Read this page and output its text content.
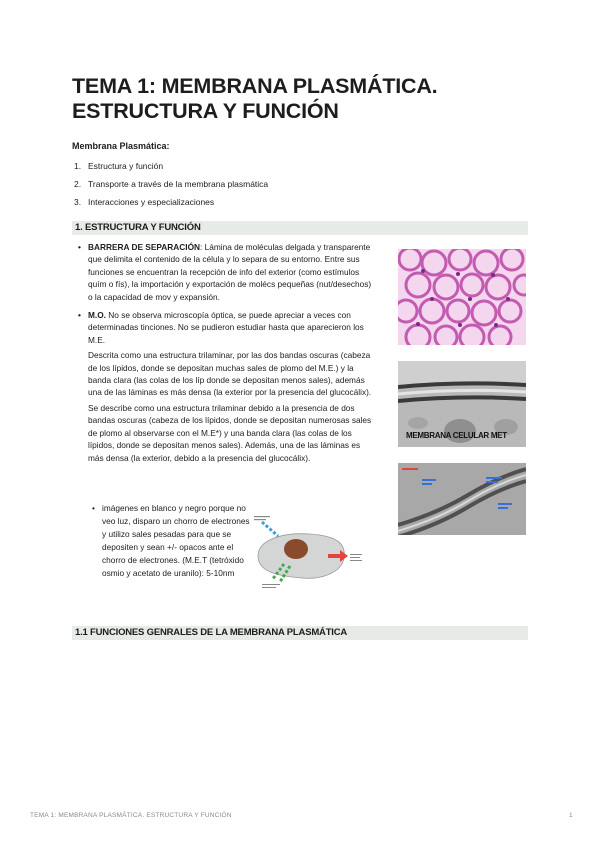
TEMA 1: MEMBRANA PLASMÁTICA.
ESTRUCTURA Y FUNCIÓN
Membrana Plasmática:
1. Estructura y función
2. Transporte a través de la membrana plasmática
3. Interacciones y especializaciones
1. ESTRUCTURA Y FUNCIÓN
• BARRERA DE SEPARACIÓN: Lámina de moléculas delgada y transparente que delimita el contenido de la célula y lo separa de su entorno. Entre sus funciones se encuentran la recepción de info del exterior (como estímulos quím o fís), la importación y exportación de molécs pequeñas (nut/desechos) o la capacidad de mov y expansión.
• M.O. No se observa microscopía óptica, se puede apreciar a veces con determinadas tinciones. No se pudieron estudiar hasta que aparecieron los M.E.
Descrita como una estructura trilaminar, por las dos bandas oscuras (cabeza de los lípidos, donde se depositan muchas sales de plomo del M.E.) y la banda clara (las colas de los líp donde se depositan menos sales), además una de las láminas es más densa (la exterior por la presencia del glucocálix).
Se describe como una estructura trilaminar debido a la presencia de dos bandas oscuras (cabeza de los lípidos, donde se depositan numerosas sales de plomo al observarse con el M.E*) y una banda clara (las colas de los lípidos, donde se depositan menos sales). Además, una de las láminas es más densa (la exterior, debido a la presencia del glucocálix).
• imágenes en blanco y negro porque no veo luz, disparo un chorro de electrones y utilizo sales pesadas para que se depositen y sean +/- opacos ante el chorro de electrones. (M.E.T (tetróxido osmio y acetato de uranilo): 5-10nm
MEMBRANA CELULAR MET
1.1 FUNCIONES GENRALES DE LA MEMBRANA PLASMÁTICA
TEMA 1: MEMBRANA PLASMÁTICA. ESTRUCTURA Y FUNCIÓN	1
